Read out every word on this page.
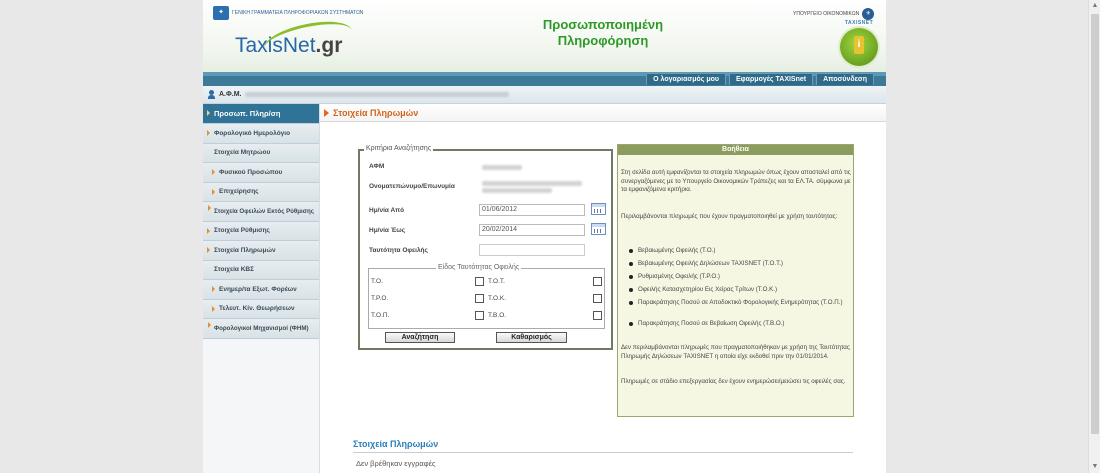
✦	ΓΕΝΙΚΗ ΓΡΑΜΜΑΤΕΙΑ ΠΛΗΡΟΦΟΡΙΑΚΩΝ ΣΥΣΤΗΜΑΤΩΝ
TaxisNet.gr
Προσωποποιημένη
Πληροφόρηση
ΥΠΟΥΡΓΕΙΟ ΟΙΚΟΝΟΜΙΚΩΝ	⚜
TAXISNET
i
Ο λογαριασμός μου	Εφαρμογές TAXISnet	Αποσύνδεση
Α.Φ.Μ.
Προσωπ. Πληρ/ση
Φορολογικό Ημερολόγιο
Στοιχεία Μητρώου
Φυσικού Προσώπου
Επιχείρησης
Στοιχεία Οφειλών Εκτός Ρύθμισης
Στοιχεία Ρύθμισης
Στοιχεία Πληρωμών
Στοιχεία ΚΒΣ
Ενημερ/τα Εξωτ. Φορέων
Τελευτ. Κίν. Θεωρήσεων
Φορολογικοί Μηχανισμοί (ΦΗΜ)
Στοιχεία Πληρωμών
Κριτήρια Αναζήτησης
ΑΦΜ
Ονοματεπώνυμο/Επωνυμία
Ημ/νία Από	01/06/2012
Ημ/νία Έως	20/02/2014
Ταυτότητα Οφειλής
Είδος Ταυτότητας Οφειλής
Τ.Ο.	Τ.Ο.Τ.
Τ.Ρ.Ο.	Τ.Ο.Κ.
Τ.Ο.Π.	Τ.Β.Ο.
Αναζήτηση	Καθαρισμός
Στοιχεία Πληρωμών
Δεν βρέθηκαν εγγραφές
Βοήθεια
Στη σελίδα αυτή εμφανίζονται τα στοιχεία πληρωμών όπως έχουν αποσταλεί από τις συνεργαζόμενες με το Υπουργείο Οικονομικών Τράπεζες και τα ΕΛ.ΤΑ. σύμφωνα με τα εμφανιζόμενα κριτήρια.
Περιλαμβάνονται πληρωμές που έχουν πραγματοποιηθεί με χρήση ταυτότητας:
Βεβαιωμένης Οφειλής (Τ.Ο.)
Βεβαιωμένης Οφειλής Δηλώσεων TAXISNET (Τ.Ο.Τ.)
Ρυθμισμένης Οφειλής (Τ.Ρ.Ο.)
Οφειλής Κατασχετηρίου Εις Χείρας Τρίτων (Τ.Ο.Κ.)
Παρακράτησης Ποσού σε Αποδοκτικό Φορολογικής Ενημερότητας (Τ.Ο.Π.)
Παρακράτησης Ποσού σε Βεβαίωση Οφειλής (Τ.Β.Ο.)
Δεν περιλαμβάνονται πληρωμές που πραγματοποιήθηκαν με χρήση της Ταυτότητας Πληρωμής Δηλώσεων TAXISNET η οποία είχε εκδοθεί πριν την 01/01/2014.
Πληρωμές σε στάδιο επεξεργασίας δεν έχουν ενημερώσει/μειώσει τις οφειλές σας.
▲
▼
